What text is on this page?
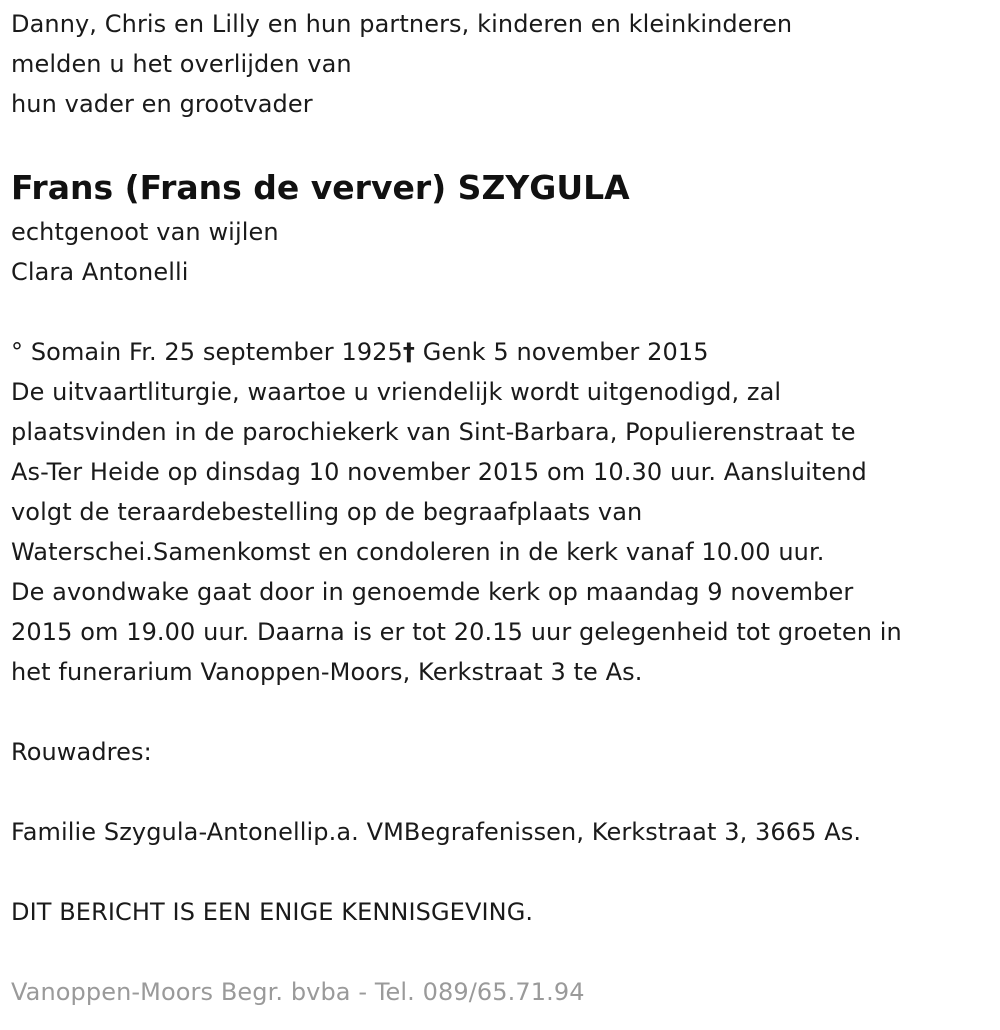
Danny, Chris en Lilly en hun partners, kinderen en kleinkinderen
melden u het overlijden van
hun vader en grootvader
Frans (Frans de verver) SZYGULA
echtgenoot van wijlen
Clara Antonelli
° Somain Fr. 25 september 1925† Genk 5 november 2015
De uitvaartliturgie, waartoe u vriendelijk wordt uitgenodigd, zal
plaatsvinden in de parochiekerk van Sint-Barbara, Populierenstraat te
As-Ter Heide op dinsdag 10 november 2015 om 10.30 uur. Aansluitend
volgt de teraardebestelling op de begraafplaats van
Waterschei.Samenkomst en condoleren in de kerk vanaf 10.00 uur.
De avondwake gaat door in genoemde kerk op maandag 9 november
2015 om 19.00 uur. Daarna is er tot 20.15 uur gelegenheid tot groeten in
het funerarium Vanoppen-Moors, Kerkstraat 3 te As.
Rouwadres:
Familie Szygula-Antonellip.a. VMBegrafenissen, Kerkstraat 3, 3665 As.
DIT BERICHT IS EEN ENIGE KENNISGEVING.
Vanoppen-Moors Begr. bvba - Tel. 089/65.71.94
